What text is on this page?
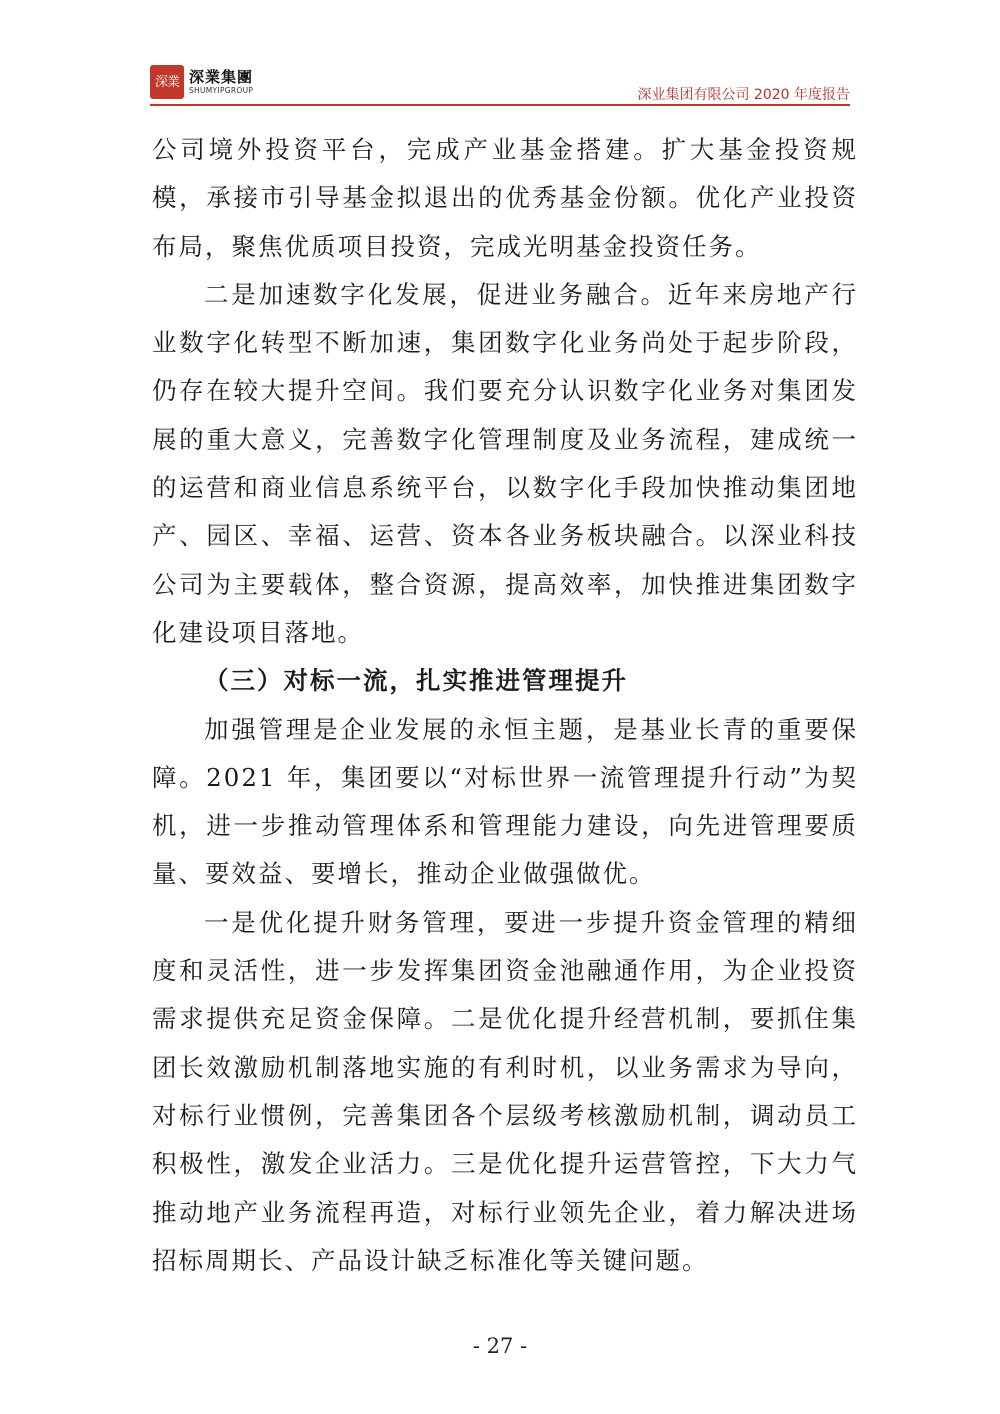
深業 深業集團
SHUMYIPGROUP	深业集团有限公司 2020 年度报告

公司境外投资平台，完成产业基金搭建。扩大基金投资规模，承接市引导基金拟退出的优秀基金份额。优化产业投资布局，聚焦优质项目投资，完成光明基金投资任务。

二是加速数字化发展，促进业务融合。近年来房地产行业数字化转型不断加速，集团数字化业务尚处于起步阶段，仍存在较大提升空间。我们要充分认识数字化业务对集团发展的重大意义，完善数字化管理制度及业务流程，建成统一的运营和商业信息系统平台，以数字化手段加快推动集团地产、园区、幸福、运营、资本各业务板块融合。以深业科技公司为主要载体，整合资源，提高效率，加快推进集团数字化建设项目落地。

（三）对标一流，扎实推进管理提升

加强管理是企业发展的永恒主题，是基业长青的重要保障。2021 年，集团要以“对标世界一流管理提升行动”为契机，进一步推动管理体系和管理能力建设，向先进管理要质量、要效益、要增长，推动企业做强做优。

一是优化提升财务管理，要进一步提升资金管理的精细度和灵活性，进一步发挥集团资金池融通作用，为企业投资需求提供充足资金保障。二是优化提升经营机制，要抓住集团长效激励机制落地实施的有利时机，以业务需求为导向，对标行业惯例，完善集团各个层级考核激励机制，调动员工积极性，激发企业活力。三是优化提升运营管控，下大力气推动地产业务流程再造，对标行业领先企业，着力解决进场招标周期长、产品设计缺乏标准化等关键问题。

- 27 -
